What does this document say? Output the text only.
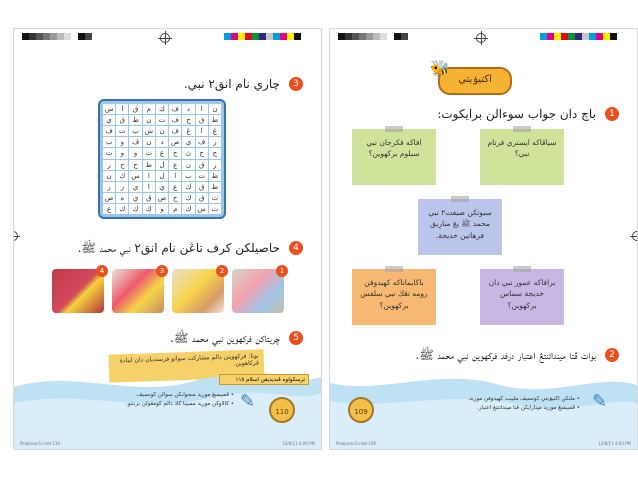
3 چاري نام انق٢ نبي.
ن
ا
د
ف
ك
م
ق
ا
س
ط
ق
ح
ف
ت
ن
ط
ق
ي
ڠ
ا
ڠ
ف
ن
ش
ب
ت
ف
ر
ف
ي
ص
د
ن
ڤ
و
ب
ح
ج
ڽ
ح
ع
ت
و
و
ت
ر
ق
ن
ع
ل
ظ
ح
ج
ر
ظ
ت
ب
ا
ل
ا
س
ك
ن
ط
ق
ك
ع
ي
ا
ي
ز
ر
ت
ق
ك
ح
ص
ق
ي
ه
ص
ت
س
ك
م
و
ك
ك
ك
ع
4 حاصيلكن كرف تاڠن نام انق٢ نبي محمد ﷺ.
1
2
3
4
5 چريتاكن فركهوين نبي محمد ﷺ.
نوتا: فركهوينن دالم مشاركت سواتو فرسنديان دان ايبادة ڤرکاهوين.
ترسکولوه ڤندیدیقن اسلام ١١٥
• ڤمبيمبڠ مورید منجوابکن سوالن کونسيڤ.
• کالاوکن مورید ممبینا کاد دالم کومڤولن بربنتو.
110
✎
Pelajaran5.indd 110	12/8/11 4:00 PM
اکتيۏيتي
🐝
1 باچ دان جواب سوءالن برايكوت:
سياڤاكه ايستري فرتام نبي؟
افاكه فكرجان نبي سبلوم بركهوين؟
سبوتكن صيفت٢ نبي محمد ﷺ يڠ منارِيق فرهاتين خديجة.
برافاكه عمور نبي دان خديجة سماس بركهوين؟
باڬايماناكه كهيدوفن رومه تڠڬ نبي سلفس بركهوين؟
2 بوات ڤتا مينداتنتڠ اعتبار درفد فركهوين نبي محمد ﷺ.
109
• ملنکن اکتيۏيتي كونسيڤ مليبت كهيدوفن مورید.
• ڤمبيمبڠ مورید مڽنارايکن ڤتا مينداتنتڠ اعتبار. ✎
Pelajaran5.indd 109	12/8/11 4:00 PM
